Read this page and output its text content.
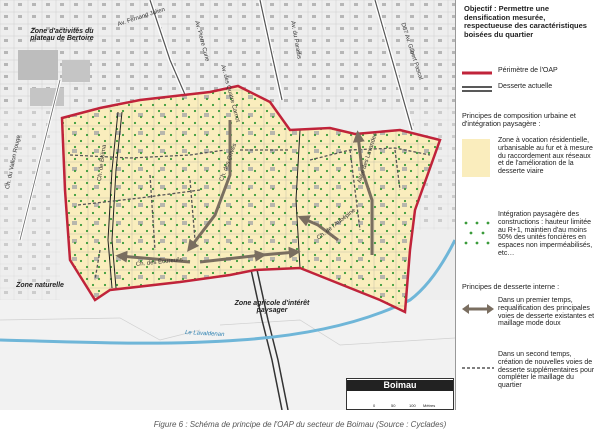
Zone d'activités du plateau de Bertoire
Zone naturelle
Zone agricole d'intérêt paysager
Le Lavaldenan
Av. Fernand Julien
Av. des Quatre Carnot
Av. Pierre Curie	Av. du Paradis	D87 Av. Gilbert Pascal
Ch. du Vallon Rouge	Ch. de Boïma	Ch. des Grives
Ch. des Écureuils
Ch. de l'Aubépine
Allée des Lavandes
Boimau
0	50	100 Mètres
Objectif : Permettre une densification mesurée, respectueuse des caractéristiques boisées du quartier
Périmètre de l'OAP
Desserte actuelle
Principes de composition urbaine et d'intégration paysagère :
Zone à vocation résidentielle, urbanisable au fur et à mesure du raccordement aux réseaux et de l'amélioration de la desserte viaire
Intégration paysagère des constructions : hauteur limitée au R+1, maintien d'au moins 50% des unités foncières en espaces non imperméabilisés, etc…
Principes de desserte interne :
Dans un premier temps, requalification des principales voies de desserte existantes et maillage mode doux
Dans un second temps, création de nouvelles voies de desserte supplémentaires pour compléter le maillage du quartier
Figure 6 : Schéma de principe de l'OAP du secteur de Boimau (Source : Cyclades)
